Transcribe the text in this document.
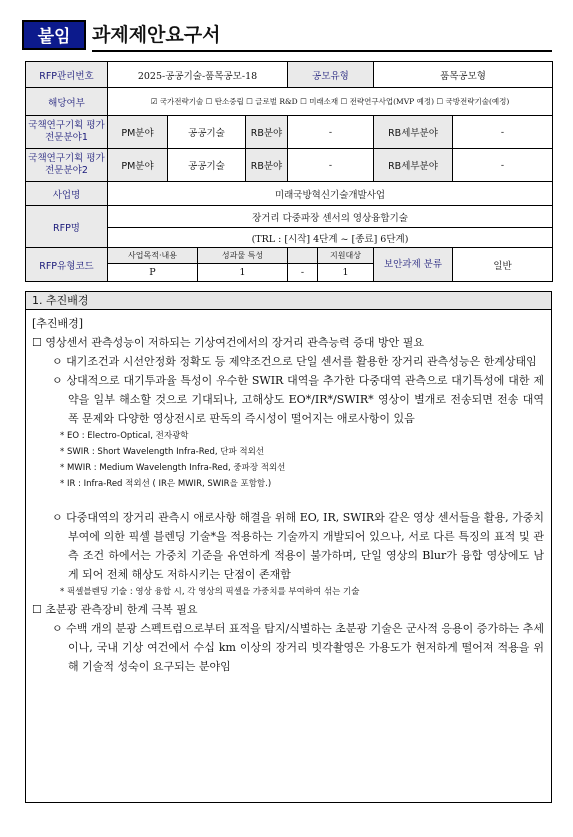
붙임	과제제안요구서
RFP관리번호	2025-공공기술-품목공모-18				공모유형		품목공모형	
해당여부	☑ 국가전략기술 ☐ 탄소중립 ☐ 글로벌 R&D ☐ 미래소재 ☐ 전략연구사업(MVP 예정) ☐ 국방전략기술(예정)							
국책연구기획 평가전문분야1	PM분야	공공기술		RB분야	-		RB세부분야	-
국책연구기획 평가전문분야2	PM분야	공공기술		RB분야	-		RB세부분야	-
사업명	미래국방혁신기술개발사업							
RFP명	장거리 다중파장 센서의 영상융합기술							
	(TRL : [시작] 4단계 ~ [종료] 6단계)							
RFP유형코드	사업목적·내용		성과물 특성			지원대상	보안과제 분류	일반
	P		1		-	1		
1. 추진배경

[추진배경]

☐ 영상센서 관측성능이 저하되는 기상여건에서의 장거리 관측능력 증대 방안 필요

ㅇ 대기조건과 시선안정화 정확도 등 제약조건으로 단일 센서를 활용한 장거리 관측성능은 한계상태임

ㅇ 상대적으로 대기투과율 특성이 우수한 SWIR 대역을 추가한 다중대역 관측으로 대기특성에 대한 제약을 일부 해소할 것으로 기대되나, 고해상도 EO*/IR*/SWIR* 영상이 별개로 전송되면 전송 대역폭 문제와 다양한 영상전시로 판독의 즉시성이 떨어지는 애로사항이 있음

* EO : Electro-Optical, 전자광학

* SWIR : Short Wavelength Infra-Red, 단파 적외선

* MWIR : Medium Wavelength Infra-Red, 중파장 적외선

* IR : Infra-Red 적외선 ( IR은 MWIR, SWIR을 포함함.)

ㅇ 다중대역의 장거리 관측시 애로사항 해결을 위해 EO, IR, SWIR와 같은 영상 센서들을 활용, 가중치 부여에 의한 픽셀 블렌딩 기술*을 적용하는 기술까지 개발되어 있으나, 서로 다른 특징의 표적 및 관측 조건 하에서는 가중치 기준을 유연하게 적용이 불가하며, 단일 영상의 Blur가 융합 영상에도 남게 되어 전체 해상도 저하시키는 단점이 존재함

* 픽셀블렌딩 기술 : 영상 융합 시, 각 영상의 픽셀을 가중치를 부여하여 섞는 기술

☐ 초분광 관측장비 한계 극복 필요

ㅇ 수백 개의 분광 스펙트럼으로부터 표적을 탐지/식별하는 초분광 기술은 군사적 응용이 증가하는 추세이나, 국내 기상 여건에서 수십 km 이상의 장거리 빗각촬영은 가용도가 현저하게 떨어져 적용을 위해 기술적 성숙이 요구되는 분야임
